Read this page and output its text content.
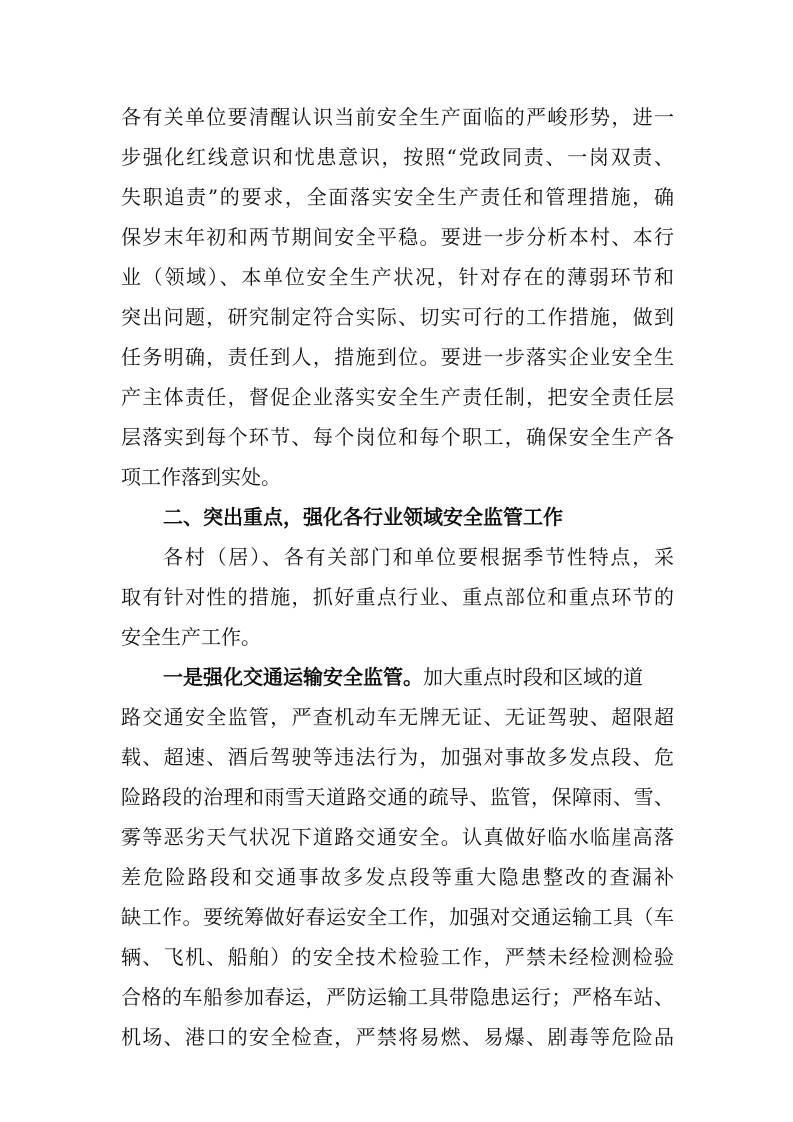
各有关单位要清醒认识当前安全生产面临的严峻形势，进一
步强化红线意识和忧患意识，按照“党政同责、一岗双责、
失职追责”的要求，全面落实安全生产责任和管理措施，确
保岁末年初和两节期间安全平稳。要进一步分析本村、本行
业（领域）、本单位安全生产状况，针对存在的薄弱环节和
突出问题，研究制定符合实际、切实可行的工作措施，做到
任务明确，责任到人，措施到位。要进一步落实企业安全生
产主体责任，督促企业落实安全生产责任制，把安全责任层
层落实到每个环节、每个岗位和每个职工，确保安全生产各
项工作落到实处。
二、突出重点，强化各行业领域安全监管工作
各村（居）、各有关部门和单位要根据季节性特点，采
取有针对性的措施，抓好重点行业、重点部位和重点环节的
安全生产工作。
一是强化交通运输安全监管。加大重点时段和区域的道
路交通安全监管，严查机动车无牌无证、无证驾驶、超限超
载、超速、酒后驾驶等违法行为，加强对事故多发点段、危
险路段的治理和雨雪天道路交通的疏导、监管，保障雨、雪、
雾等恶劣天气状况下道路交通安全。认真做好临水临崖高落
差危险路段和交通事故多发点段等重大隐患整改的查漏补
缺工作。要统筹做好春运安全工作，加强对交通运输工具（车
辆、飞机、船舶）的安全技术检验工作，严禁未经检测检验
合格的车船参加春运，严防运输工具带隐患运行；严格车站、
机场、港口的安全检查，严禁将易燃、易爆、剧毒等危险品
